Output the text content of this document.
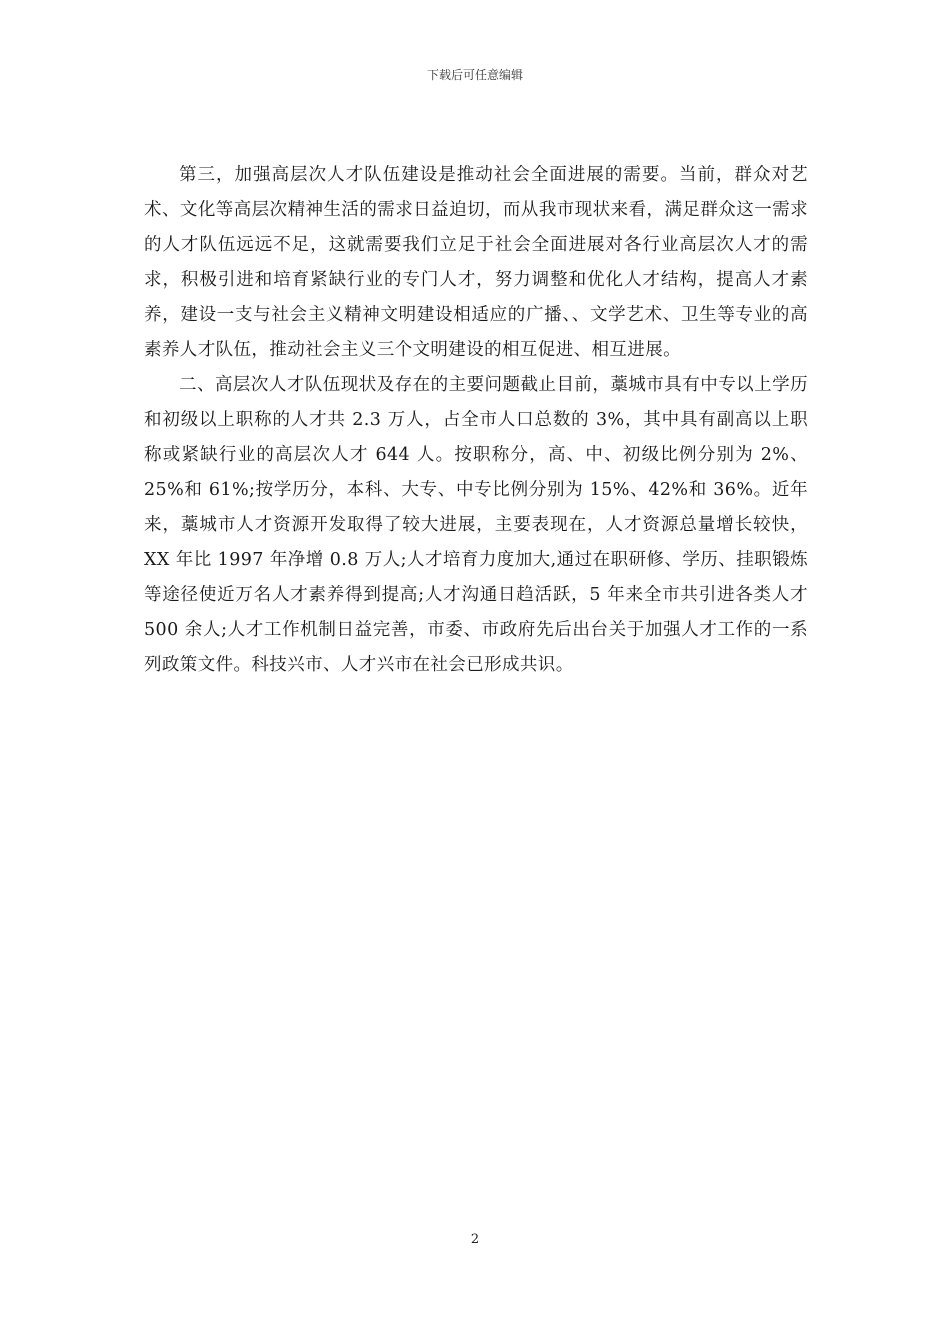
下载后可任意编辑

第三，加强高层次人才队伍建设是推动社会全面进展的需要。当前，群众对艺术、文化等高层次精神生活的需求日益迫切，而从我市现状来看，满足群众这一需求的人才队伍远远不足，这就需要我们立足于社会全面进展对各行业高层次人才的需求，积极引进和培育紧缺行业的专门人才，努力调整和优化人才结构，提高人才素养，建设一支与社会主义精神文明建设相适应的广播、、文学艺术、卫生等专业的高素养人才队伍，推动社会主义三个文明建设的相互促进、相互进展。

二、高层次人才队伍现状及存在的主要问题截止目前，藁城市具有中专以上学历和初级以上职称的人才共 2.3 万人，占全市人口总数的 3%，其中具有副高以上职称或紧缺行业的高层次人才 644 人。按职称分，高、中、初级比例分别为 2%、25%和 61%;按学历分，本科、大专、中专比例分别为 15%、42%和 36%。近年来，藁城市人才资源开发取得了较大进展，主要表现在，人才资源总量增长较快，XX 年比 1997 年净增 0.8 万人;人才培育力度加大,通过在职研修、学历、挂职锻炼等途径使近万名人才素养得到提高;人才沟通日趋活跃，5 年来全市共引进各类人才 500 余人;人才工作机制日益完善，市委、市政府先后出台关于加强人才工作的一系列政策文件。科技兴市、人才兴市在社会已形成共识。

2
